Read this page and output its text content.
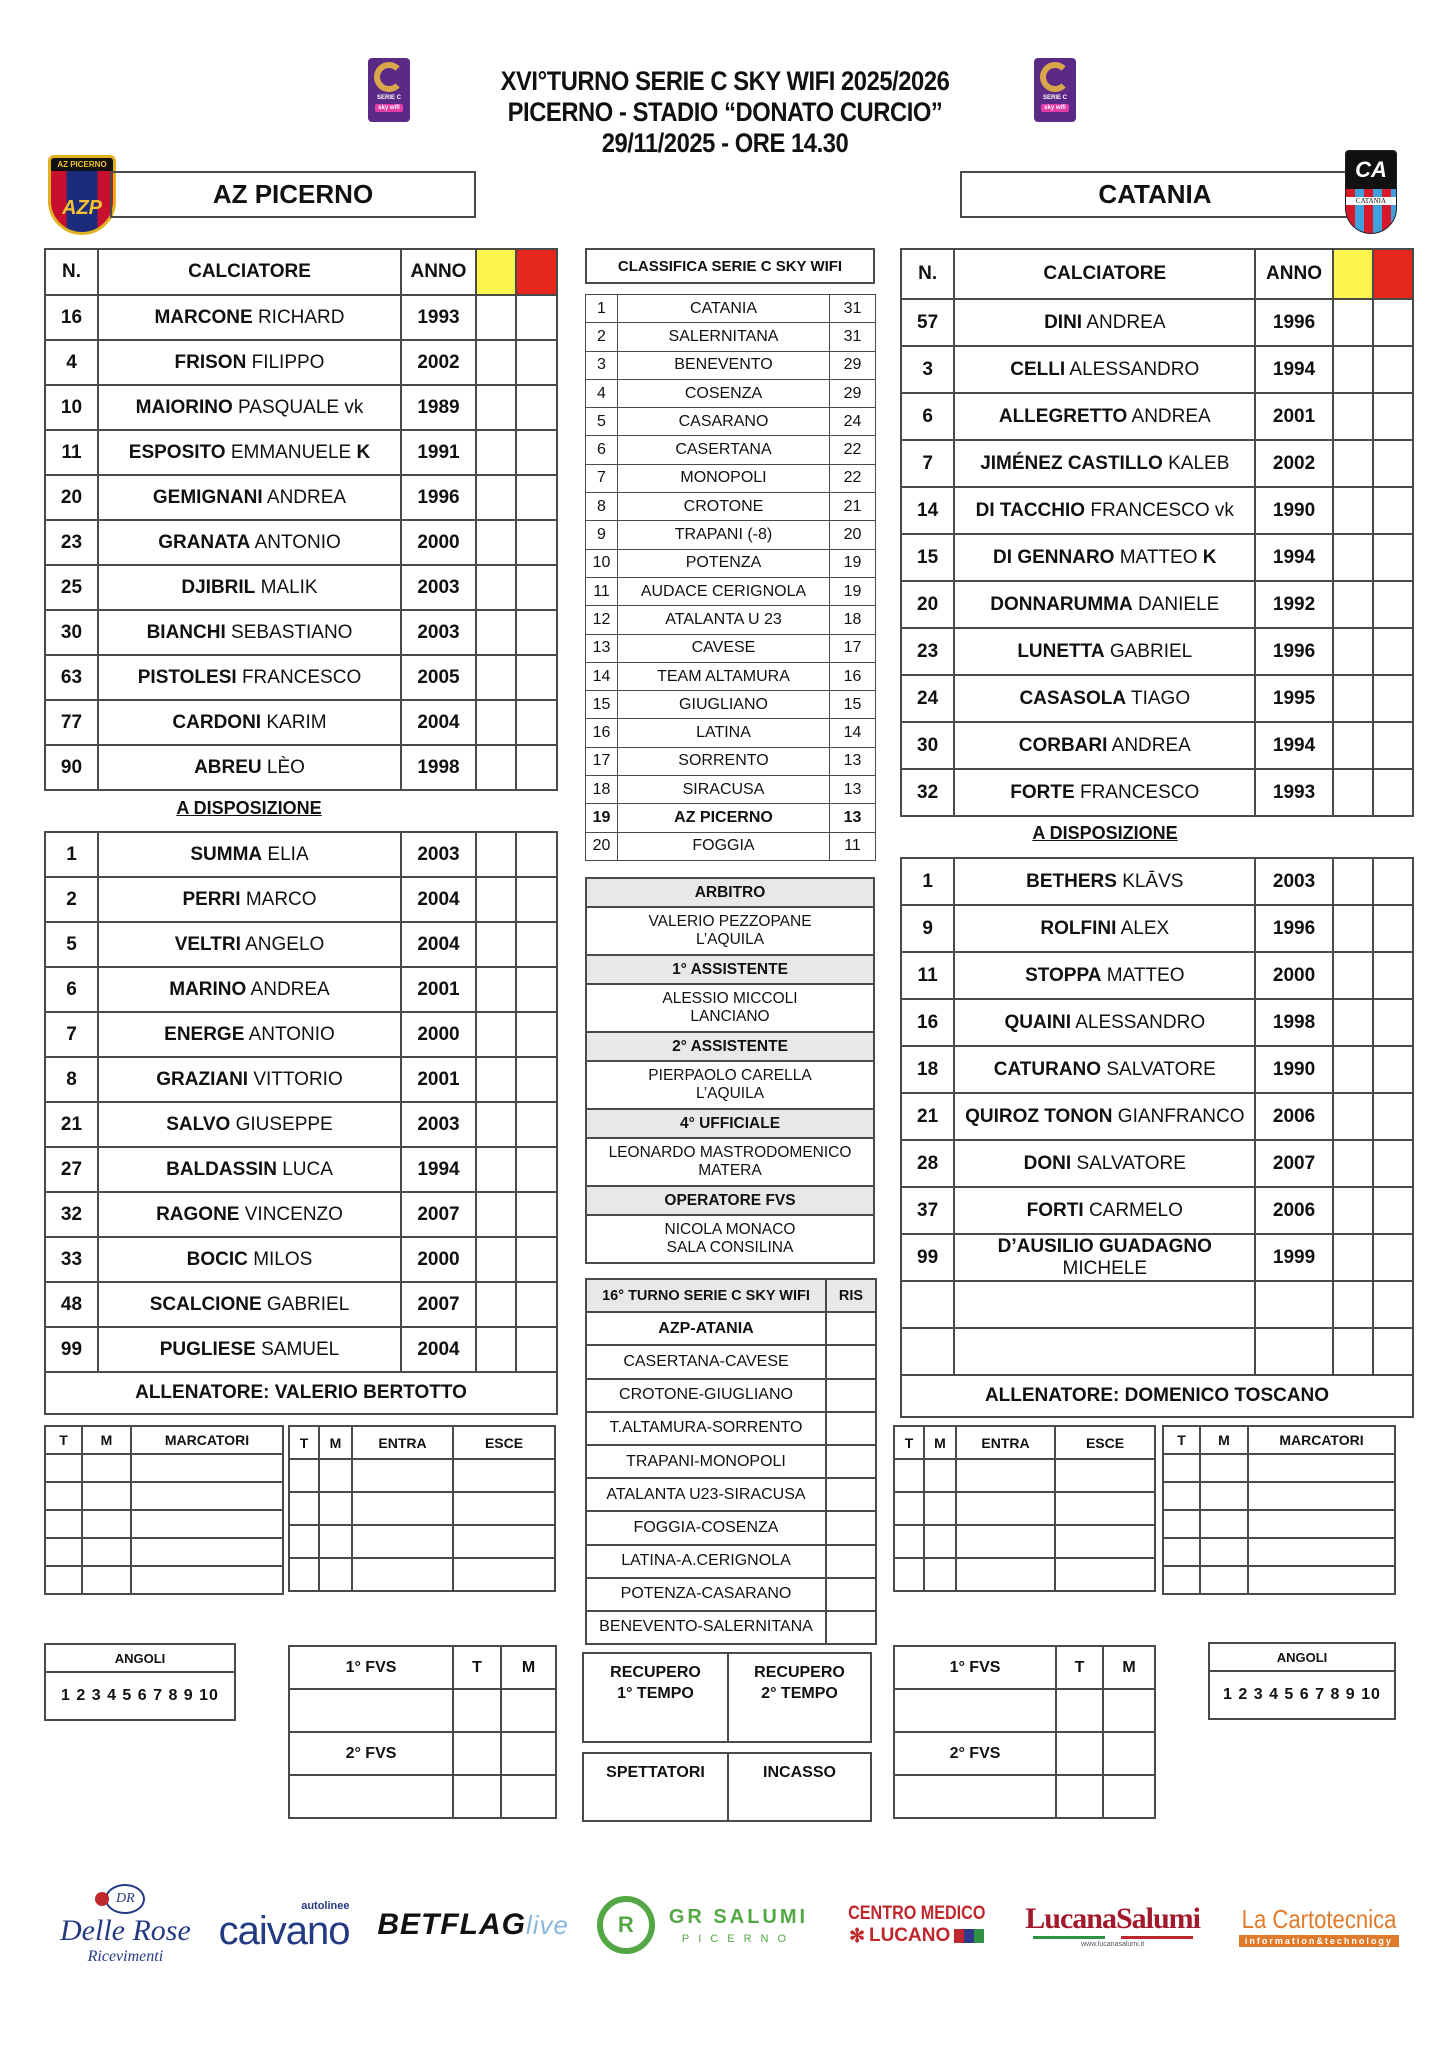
SERIE C
sky wifi
SERIE C
sky wifi
XVI°TURNO SERIE C SKY WIFI 2025/2026
PICERNO - STADIO “DONATO CURCIO”
29/11/2025 - ORE 14.30
AZ PICERNO
AZP	AZ PICERNO	CATANIA
CA
CATANIA
N.	CALCIATORE	ANNO		
16	MARCONE RICHARD	1993		
4	FRISON FILIPPO	2002		
10	MAIORINO PASQUALE vk	1989		
11	ESPOSITO EMMANUELE K	1991		
20	GEMIGNANI ANDREA	1996		
23	GRANATA ANTONIO	2000		
25	DJIBRIL MALIK	2003		
30	BIANCHI SEBASTIANO	2003		
63	PISTOLESI FRANCESCO	2005		
77	CARDONI KARIM	2004		
90	ABREU LÈO	1998		
A DISPOSIZIONE
1	SUMMA ELIA	2003		
2	PERRI MARCO	2004		
5	VELTRI ANGELO	2004		
6	MARINO ANDREA	2001		
7	ENERGE ANTONIO	2000		
8	GRAZIANI VITTORIO	2001		
21	SALVO GIUSEPPE	2003		
27	BALDASSIN LUCA	1994		
32	RAGONE VINCENZO	2007		
33	BOCIC MILOS	2000		
48	SCALCIONE GABRIEL	2007		
99	PUGLIESE SAMUEL	2004		
ALLENATORE: VALERIO BERTOTTO				
N.	CALCIATORE	ANNO		
57	DINI ANDREA	1996		
3	CELLI ALESSANDRO	1994		
6	ALLEGRETTO ANDREA	2001		
7	JIMÉNEZ CASTILLO KALEB	2002		
14	DI TACCHIO FRANCESCO vk	1990		
15	DI GENNARO MATTEO K	1994		
20	DONNARUMMA DANIELE	1992		
23	LUNETTA GABRIEL	1996		
24	CASASOLA TIAGO	1995		
30	CORBARI ANDREA	1994		
32	FORTE FRANCESCO	1993		
A DISPOSIZIONE
1	BETHERS KLĀVS	2003		
9	ROLFINI ALEX	1996		
11	STOPPA MATTEO	2000		
16	QUAINI ALESSANDRO	1998		
18	CATURANO SALVATORE	1990		
21	QUIROZ TONON GIANFRANCO	2006		
28	DONI SALVATORE	2007		
37	FORTI CARMELO	2006		
99	D’AUSILIO GUADAGNO MICHELE	1999		

ALLENATORE: DOMENICO TOSCANO				
CLASSIFICA SERIE C SKY WIFI
1	CATANIA	31
2	SALERNITANA	31
3	BENEVENTO	29
4	COSENZA	29
5	CASARANO	24
6	CASERTANA	22
7	MONOPOLI	22
8	CROTONE	21
9	TRAPANI (-8)	20
10	POTENZA	19
11	AUDACE CERIGNOLA	19
12	ATALANTA U 23	18
13	CAVESE	17
14	TEAM ALTAMURA	16
15	GIUGLIANO	15
16	LATINA	14
17	SORRENTO	13
18	SIRACUSA	13
19	AZ PICERNO	13
20	FOGGIA	11
ARBITRO

VALERIO PEZZOPANE
L’AQUILA

1° ASSISTENTE

ALESSIO MICCOLI
LANCIANO

2° ASSISTENTE

PIERPAOLO CARELLA
L’AQUILA

4° UFFICIALE

LEONARDO MASTRODOMENICO
MATERA

OPERATORE FVS

NICOLA MONACO
SALA CONSILINA
16° TURNO SERIE C SKY WIFI	RIS
AZP-ATANIA	
CASERTANA-CAVESE	
CROTONE-GIUGLIANO	
T.ALTAMURA-SORRENTO	
TRAPANI-MONOPOLI	
ATALANTA U23-SIRACUSA	
FOGGIA-COSENZA	
LATINA-A.CERIGNOLA	
POTENZA-CASARANO	
BENEVENTO-SALERNITANA	
T	M	MARCATORI

			T	M	ENTRA	ESCE

				T	M	ENTRA	ESCE

				T	M	MARCATORI

ANGOLI
1 2 3 4 5 6 7 8 9 10
ANGOLI
1 2 3 4 5 6 7 8 9 10
1° FVS	T	M

2° FVS		

1° FVS	T	M

2° FVS		

RECUPERO
1° TEMPO

RECUPERO
2° TEMPO
SPETTATORI	INCASSO
DR
Delle Rose
Ricevimenti
autolinee
caivano BETFLAGlive	R	GR SALUMI
PICERNO
CENTRO MEDICO
✻ LUCANO
LucanaSalumi
www.lucanasalumi.it
La Cartotecnica
information&technology
